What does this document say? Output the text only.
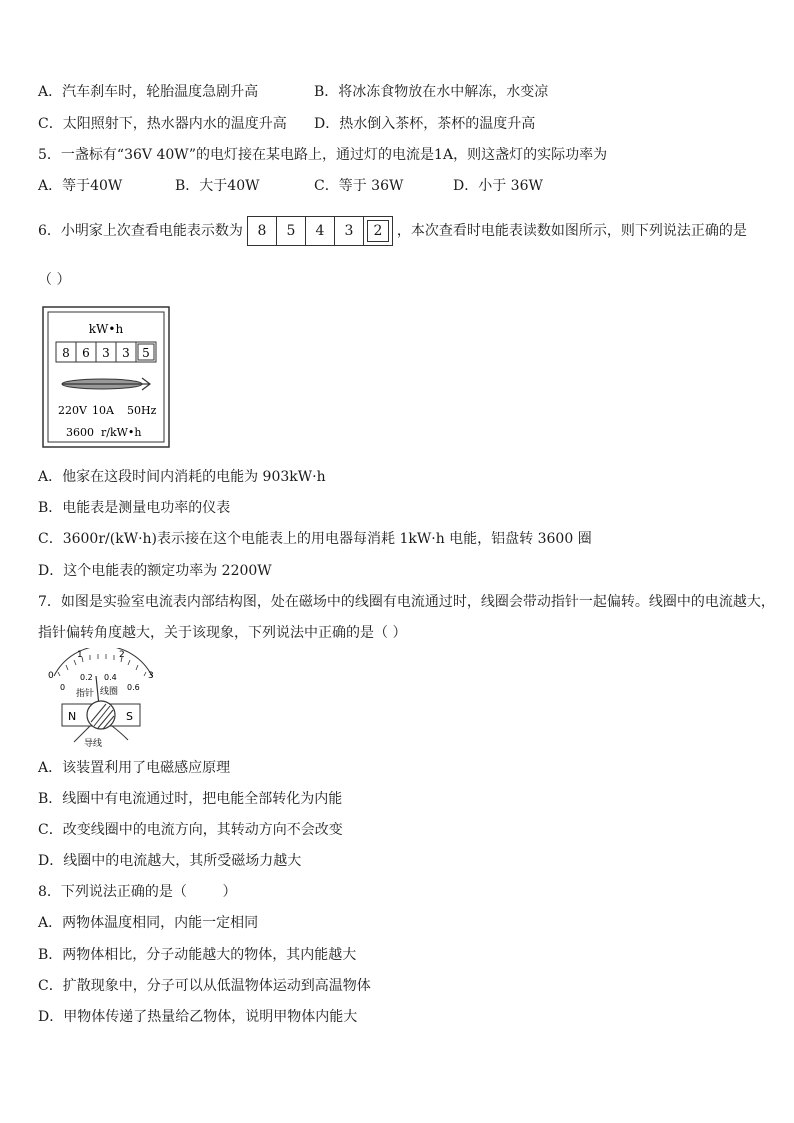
A．汽车刹车时，轮胎温度急剧升高	B．将冰冻食物放在水中解冻，水变凉
C．太阳照射下，热水器内水的温度升高 D．热水倒入茶杯，茶杯的温度升高
5．一盏标有“36V 40W”的电灯接在某电路上，通过灯的电流是1A，则这盏灯的实际功率为
A．等于40W	B．大于40W	C．等于 36W	D．小于 36W
6．小明家上次查看电能表示数为	8	5	4	3	2	，本次查看时电能表读数如图所示，则下列说法正确的是
（ ）
kW•h
8 6 3 3 5
220V 10A 50Hz
3600  r/kW•h
A．他家在这段时间内消耗的电能为 903kW·h
B．电能表是测量电功率的仪表
C．3600r/(kW·h)表示接在这个电能表上的用电器每消耗 1kW·h 电能，铝盘转 3600 圈
D．这个电能表的额定功率为 2200W
7．如图是实验室电流表内部结构图，处在磁场中的线圈有电流通过时，线圈会带动指针一起偏转。线圈中的电流越大，
指针偏转角度越大，关于该现象，下列说法中正确的是（ ）
0
1	2
3
0
0.2 0.4
0.6
指针 线圈
N	S
导线
A．该装置利用了电磁感应原理
B．线圈中有电流通过时，把电能全部转化为内能
C．改变线圈中的电流方向，其转动方向不会改变
D．线圈中的电流越大，其所受磁场力越大
8．下列说法正确的是（        ）
A．两物体温度相同，内能一定相同
B．两物体相比，分子动能越大的物体，其内能越大
C．扩散现象中，分子可以从低温物体运动到高温物体
D．甲物体传递了热量给乙物体，说明甲物体内能大
